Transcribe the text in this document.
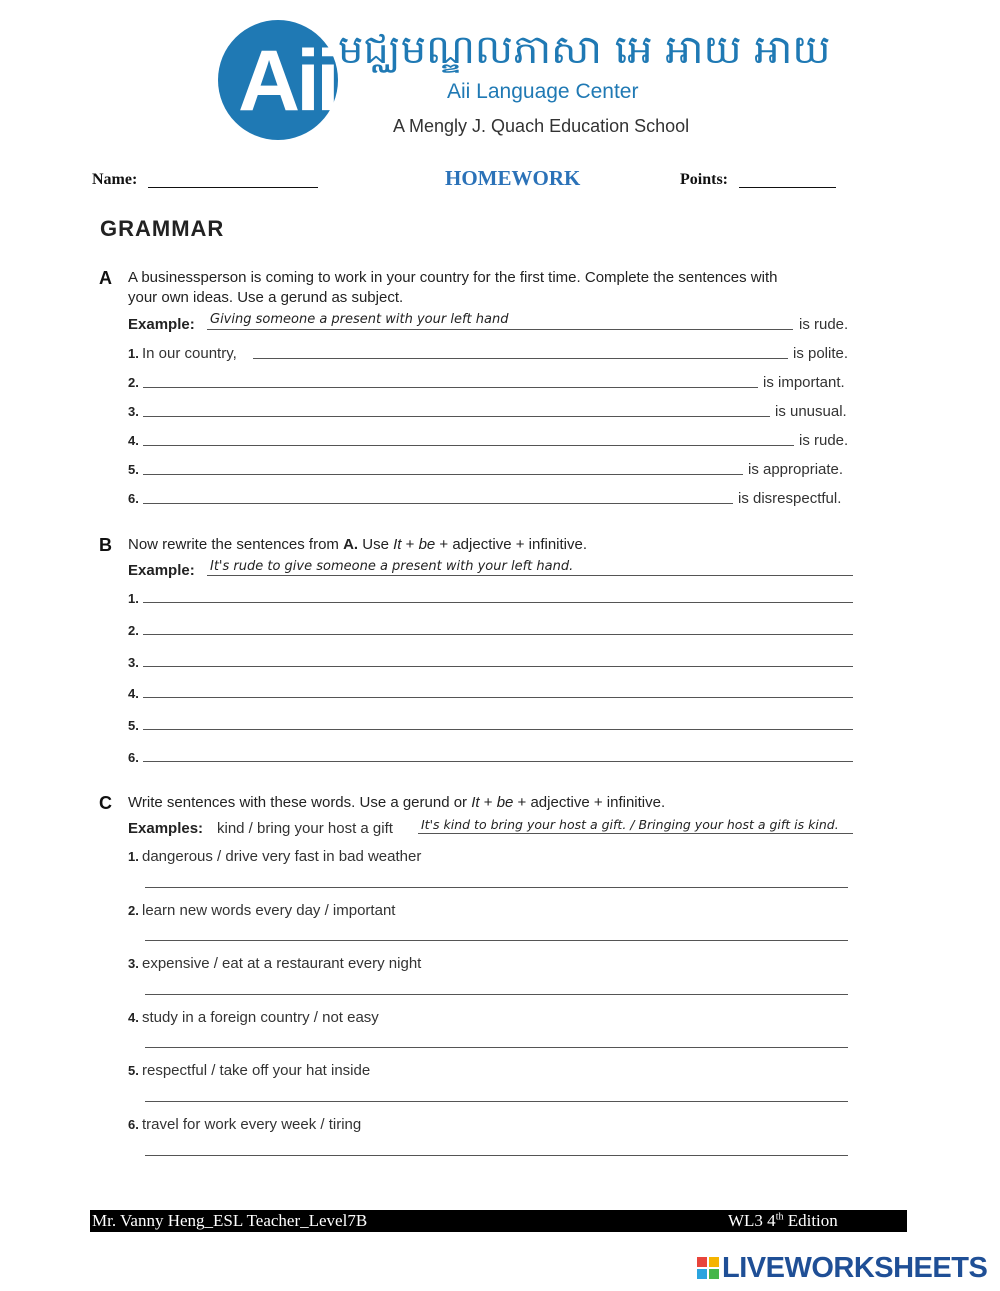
Aii មជ្ឈមណ្ឌលភាសា អេ អាយ អាយ
Aii Language Center
A Mengly J. Quach Education School
Name:	HOMEWORK	Points:
GRAMMAR
A A businessperson is coming to work in your country for the first time. Complete the sentences with
your own ideas. Use a gerund as subject.
Example: Giving someone a present with your left hand	is rude.
1. In our country,	is polite.
2.	is important.
3.	is unusual.
4.	is rude.
5.	is appropriate.
6.	is disrespectful.
B Now rewrite the sentences from A. Use It + be + adjective + infinitive.
Example: It's rude to give someone a present with your left hand.
1.
2.
3.
4.
5.
6.
C Write sentences with these words. Use a gerund or It + be + adjective + infinitive.
Examples: kind / bring your host a gift It's kind to bring your host a gift. / Bringing your host a gift is kind.
1. dangerous / drive very fast in bad weather
2. learn new words every day / important
3. expensive / eat at a restaurant every night
4. study in a foreign country / not easy
5. respectful / take off your hat inside
6. travel for work every week / tiring
Mr. Vanny Heng_ESL Teacher_Level7B	WL3 4th Edition
LIVEWORKSHEETS
